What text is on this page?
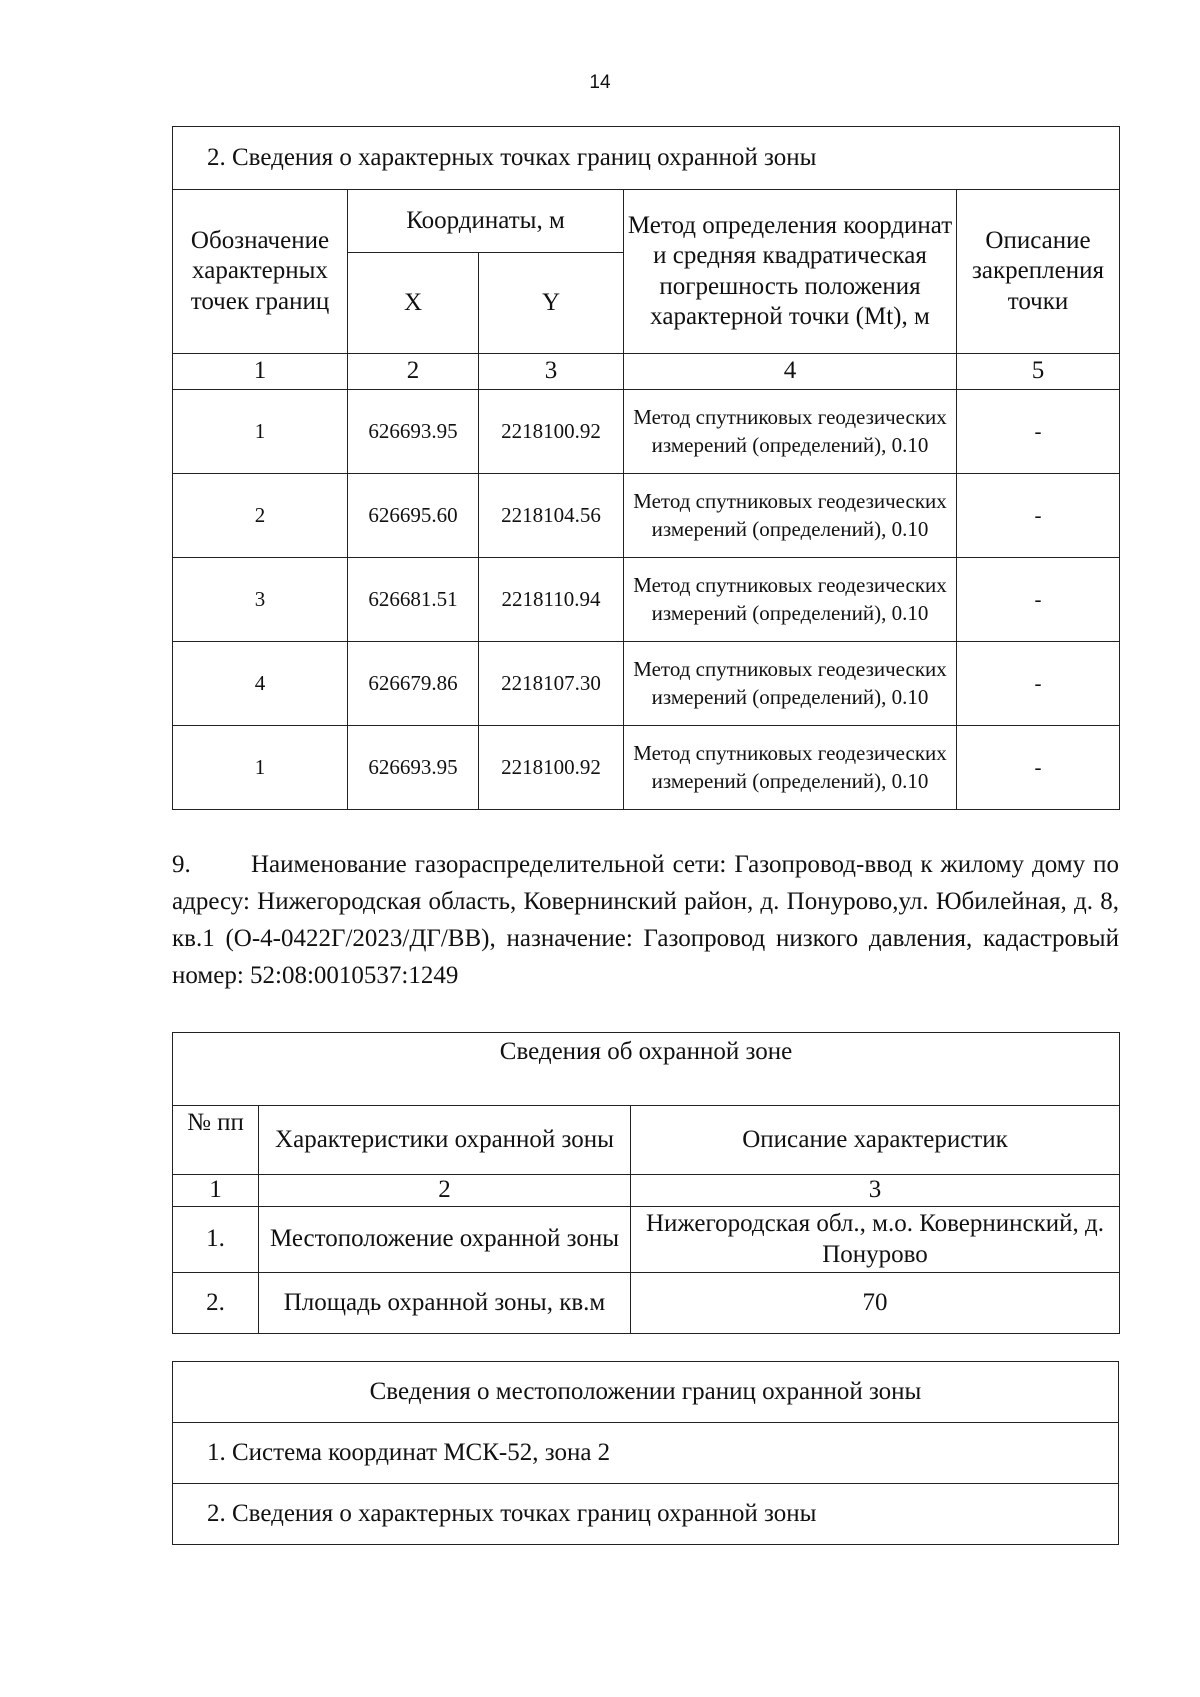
14
2. Сведения о характерных точках границ охранной зоны				
Обозначение характерных точек границ	Координаты, м		Метод определения координат и средняя квадратическая погрешность положения характерной точки (Mt), м	Описание закрепления точки
	X	Y		
1	2	3	4	5
1	626693.95	2218100.92	Метод спутниковых геодезических измерений (определений), 0.10	-
2	626695.60	2218104.56	Метод спутниковых геодезических измерений (определений), 0.10	-
3	626681.51	2218110.94	Метод спутниковых геодезических измерений (определений), 0.10	-
4	626679.86	2218107.30	Метод спутниковых геодезических измерений (определений), 0.10	-
1	626693.95	2218100.92	Метод спутниковых геодезических измерений (определений), 0.10	-

9. Наименование газораспределительной сети: Газопровод-ввод к жилому дому по адресу: Нижегородская область, Ковернинский район, д. Понурово,ул. Юбилейная, д. 8, кв.1 (О-4-0422Г/2023/ДГ/ВВ), назначение: Газопровод низкого давления, кадастровый номер: 52:08:0010537:1249

Сведения об охранной зоне		
№ пп	Характеристики охранной зоны	Описание характеристик
1	2	3
1.	Местоположение охранной зоны	Нижегородская обл., м.о. Ковернинский, д. Понурово
2.	Площадь охранной зоны, кв.м	70
Сведения о местоположении границ охранной зоны
1. Система координат МСК-52, зона 2
2. Сведения о характерных точках границ охранной зоны
